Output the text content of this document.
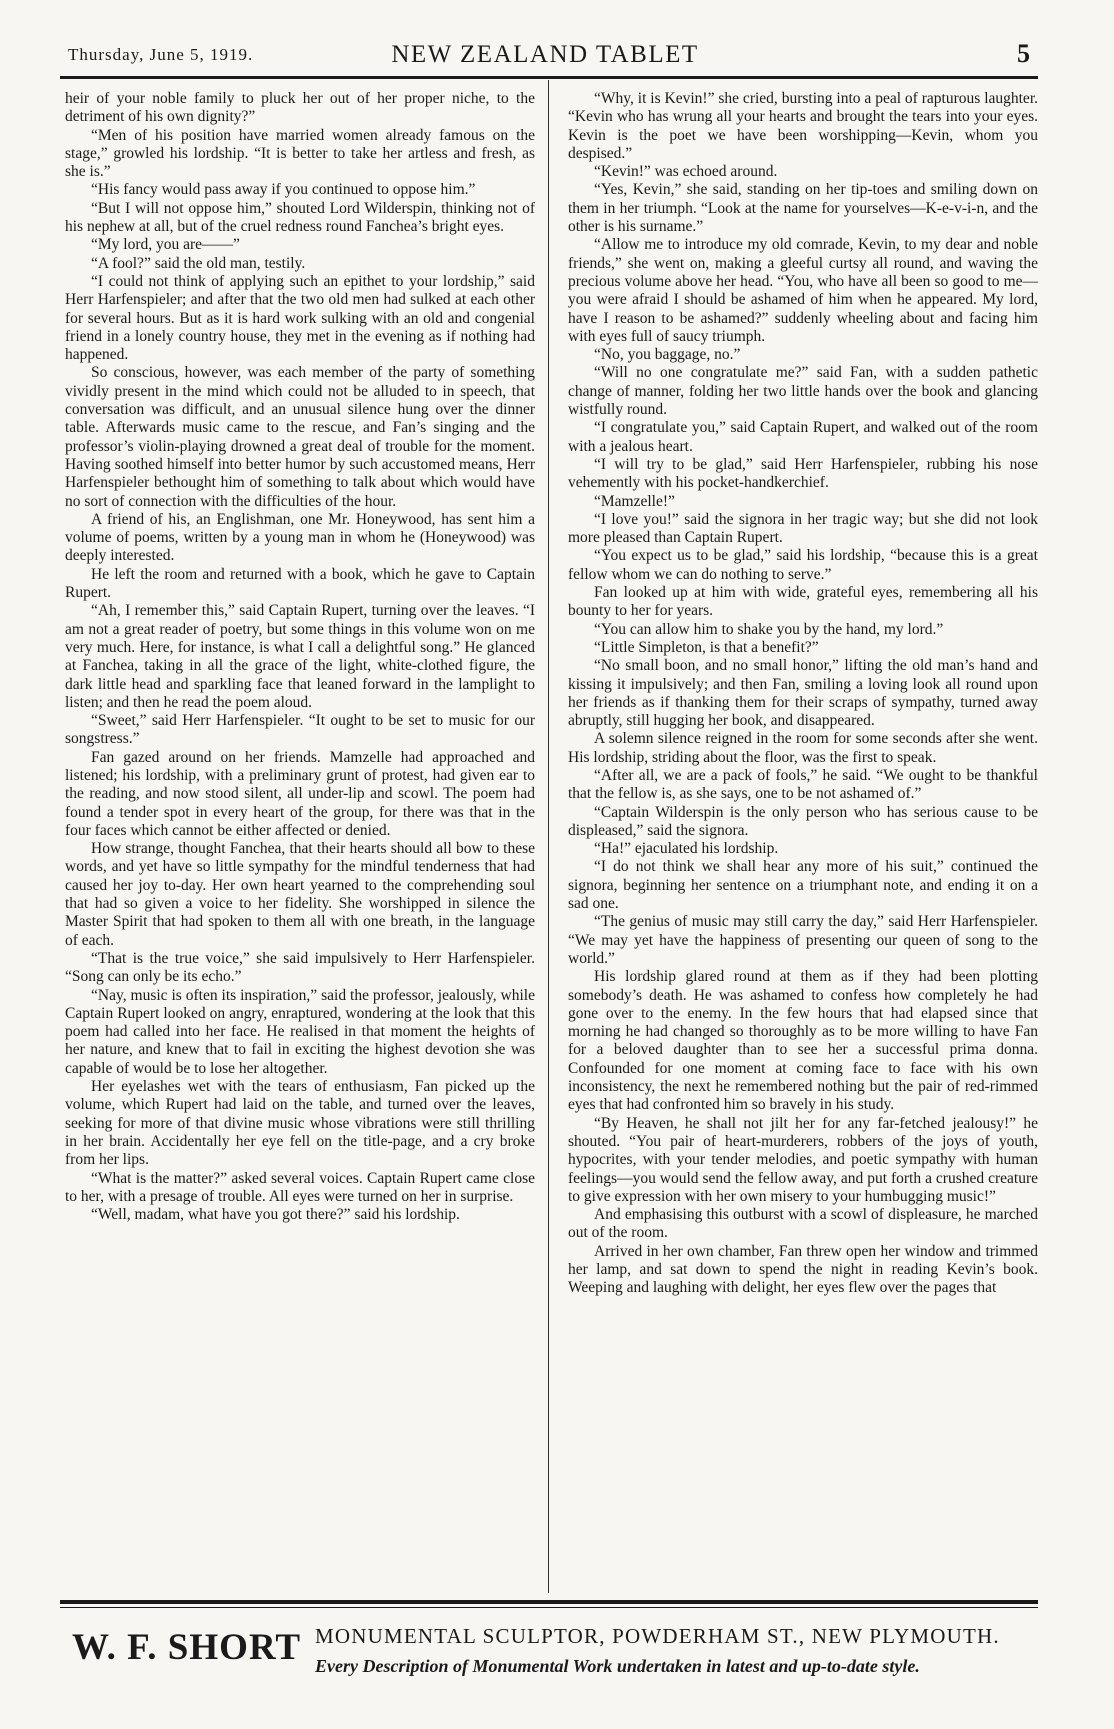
Thursday, June 5, 1919.	NEW ZEALAND TABLET	5

heir of your noble family to pluck her out of her proper niche, to the detriment of his own dignity?”

“Men of his position have married women already famous on the stage,” growled his lordship. “It is better to take her artless and fresh, as she is.”

“His fancy would pass away if you continued to oppose him.”

“But I will not oppose him,” shouted Lord Wilderspin, thinking not of his nephew at all, but of the cruel redness round Fanchea’s bright eyes.

“My lord, you are——”

“A fool?” said the old man, testily.

“I could not think of applying such an epithet to your lordship,” said Herr Harfenspieler; and after that the two old men had sulked at each other for several hours. But as it is hard work sulking with an old and congenial friend in a lonely country house, they met in the evening as if nothing had happened.

So conscious, however, was each member of the party of something vividly present in the mind which could not be alluded to in speech, that conversation was difficult, and an unusual silence hung over the dinner table. Afterwards music came to the rescue, and Fan’s singing and the professor’s violin-playing drowned a great deal of trouble for the moment. Having soothed himself into better humor by such accustomed means, Herr Harfenspieler bethought him of something to talk about which would have no sort of connection with the difficulties of the hour.

A friend of his, an Englishman, one Mr. Honeywood, has sent him a volume of poems, written by a young man in whom he (Honeywood) was deeply interested.

He left the room and returned with a book, which he gave to Captain Rupert.

“Ah, I remember this,” said Captain Rupert, turning over the leaves. “I am not a great reader of poetry, but some things in this volume won on me very much. Here, for instance, is what I call a delightful song.” He glanced at Fanchea, taking in all the grace of the light, white-clothed figure, the dark little head and sparkling face that leaned forward in the lamplight to listen; and then he read the poem aloud.

“Sweet,” said Herr Harfenspieler. “It ought to be set to music for our songstress.”

Fan gazed around on her friends. Mamzelle had approached and listened; his lordship, with a preliminary grunt of protest, had given ear to the reading, and now stood silent, all under-lip and scowl. The poem had found a tender spot in every heart of the group, for there was that in the four faces which cannot be either affected or denied.

How strange, thought Fanchea, that their hearts should all bow to these words, and yet have so little sympathy for the mindful tenderness that had caused her joy to-day. Her own heart yearned to the comprehending soul that had so given a voice to her fidelity. She worshipped in silence the Master Spirit that had spoken to them all with one breath, in the language of each.

“That is the true voice,” she said impulsively to Herr Harfenspieler. “Song can only be its echo.”

“Nay, music is often its inspiration,” said the professor, jealously, while Captain Rupert looked on angry, enraptured, wondering at the look that this poem had called into her face. He realised in that moment the heights of her nature, and knew that to fail in exciting the highest devotion she was capable of would be to lose her altogether.

Her eyelashes wet with the tears of enthusiasm, Fan picked up the volume, which Rupert had laid on the table, and turned over the leaves, seeking for more of that divine music whose vibrations were still thrilling in her brain. Accidentally her eye fell on the title-page, and a cry broke from her lips.

“What is the matter?” asked several voices. Captain Rupert came close to her, with a presage of trouble. All eyes were turned on her in surprise.

“Well, madam, what have you got there?” said his lordship.

“Why, it is Kevin!” she cried, bursting into a peal of rapturous laughter. “Kevin who has wrung all your hearts and brought the tears into your eyes. Kevin is the poet we have been worshipping—Kevin, whom you despised.”

“Kevin!” was echoed around.

“Yes, Kevin,” she said, standing on her tip-toes and smiling down on them in her triumph. “Look at the name for yourselves—K-e-v-i-n, and the other is his surname.”

“Allow me to introduce my old comrade, Kevin, to my dear and noble friends,” she went on, making a gleeful curtsy all round, and waving the precious volume above her head. “You, who have all been so good to me—you were afraid I should be ashamed of him when he appeared. My lord, have I reason to be ashamed?” suddenly wheeling about and facing him with eyes full of saucy triumph.

“No, you baggage, no.”

“Will no one congratulate me?” said Fan, with a sudden pathetic change of manner, folding her two little hands over the book and glancing wistfully round.

“I congratulate you,” said Captain Rupert, and walked out of the room with a jealous heart.

“I will try to be glad,” said Herr Harfenspieler, rubbing his nose vehemently with his pocket-handkerchief.

“Mamzelle!”

“I love you!” said the signora in her tragic way; but she did not look more pleased than Captain Rupert.

“You expect us to be glad,” said his lordship, “because this is a great fellow whom we can do nothing to serve.”

Fan looked up at him with wide, grateful eyes, remembering all his bounty to her for years.

“You can allow him to shake you by the hand, my lord.”

“Little Simpleton, is that a benefit?”

“No small boon, and no small honor,” lifting the old man’s hand and kissing it impulsively; and then Fan, smiling a loving look all round upon her friends as if thanking them for their scraps of sympathy, turned away abruptly, still hugging her book, and disappeared.

A solemn silence reigned in the room for some seconds after she went. His lordship, striding about the floor, was the first to speak.

“After all, we are a pack of fools,” he said. “We ought to be thankful that the fellow is, as she says, one to be not ashamed of.”

“Captain Wilderspin is the only person who has serious cause to be displeased,” said the signora.

“Ha!” ejaculated his lordship.

“I do not think we shall hear any more of his suit,” continued the signora, beginning her sentence on a triumphant note, and ending it on a sad one.

“The genius of music may still carry the day,” said Herr Harfenspieler. “We may yet have the happiness of presenting our queen of song to the world.”

His lordship glared round at them as if they had been plotting somebody’s death. He was ashamed to confess how completely he had gone over to the enemy. In the few hours that had elapsed since that morning he had changed so thoroughly as to be more willing to have Fan for a beloved daughter than to see her a successful prima donna. Confounded for one moment at coming face to face with his own inconsistency, the next he remembered nothing but the pair of red-rimmed eyes that had confronted him so bravely in his study.

“By Heaven, he shall not jilt her for any far-fetched jealousy!” he shouted. “You pair of heart-murderers, robbers of the joys of youth, hypocrites, with your tender melodies, and poetic sympathy with human feelings—you would send the fellow away, and put forth a crushed creature to give expression with her own misery to your humbugging music!”

And emphasising this outburst with a scowl of displeasure, he marched out of the room.

Arrived in her own chamber, Fan threw open her window and trimmed her lamp, and sat down to spend the night in reading Kevin’s book. Weeping and laughing with delight, her eyes flew over the pages that

W. F. SHORT MONUMENTAL SCULPTOR, POWDERHAM ST., NEW PLYMOUTH.
Every Description of Monumental Work undertaken in latest and up-to-date style.
